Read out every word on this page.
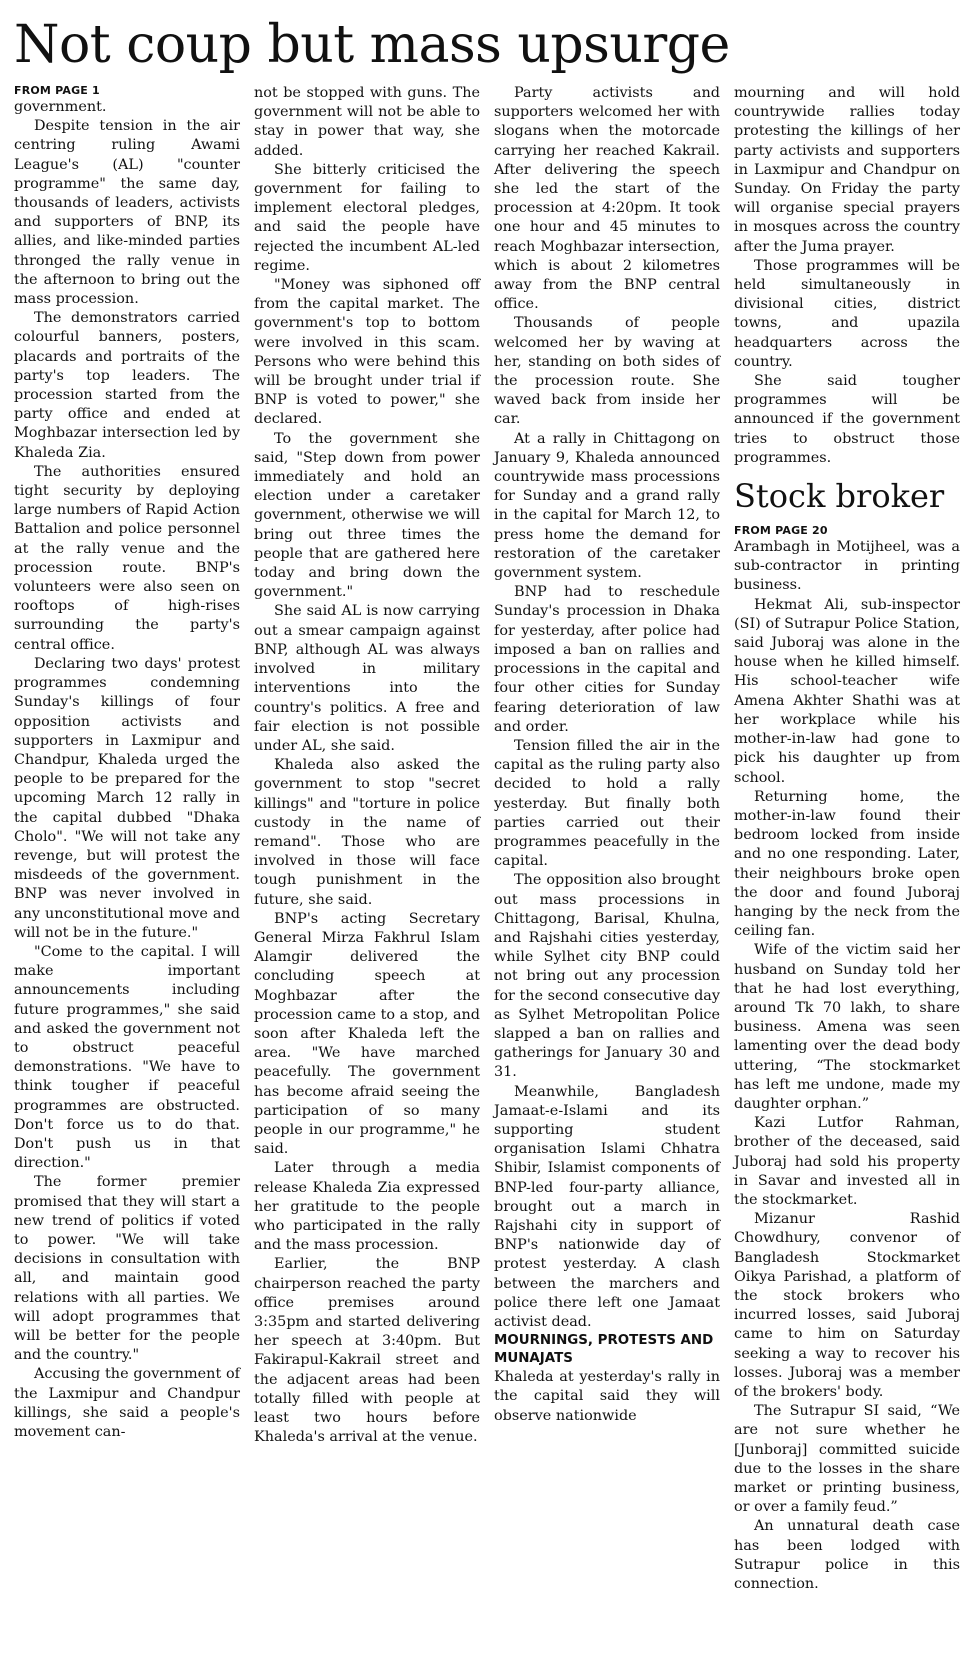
Not coup but mass upsurge
FROM PAGE 1

government.

Despite tension in the air centring ruling Awami League's (AL) "counter programme" the same day, thousands of leaders, activists and supporters of BNP, its allies, and like-minded parties thronged the rally venue in the afternoon to bring out the mass procession.

The demonstrators carried colourful banners, posters, placards and portraits of the party's top leaders. The procession started from the party office and ended at Moghbazar intersection led by Khaleda Zia.

The authorities ensured tight security by deploying large numbers of Rapid Action Battalion and police personnel at the rally venue and the procession route. BNP's volunteers were also seen on rooftops of high-rises surrounding the party's central office.

Declaring two days' protest programmes condemning Sunday's killings of four opposition activists and supporters in Laxmipur and Chandpur, Khaleda urged the people to be prepared for the upcoming March 12 rally in the capital dubbed "Dhaka Cholo". "We will not take any revenge, but will protest the misdeeds of the government. BNP was never involved in any unconstitutional move and will not be in the future."

"Come to the capital. I will make important announcements including future programmes," she said and asked the government not to obstruct peaceful demonstrations. "We have to think tougher if peaceful programmes are obstructed. Don't force us to do that. Don't push us in that direction."

The former premier promised that they will start a new trend of politics if voted to power. "We will take decisions in consultation with all, and maintain good relations with all parties. We will adopt programmes that will be better for the people and the country."

Accusing the government of the Laxmipur and Chandpur killings, she said a people's movement can-

not be stopped with guns. The government will not be able to stay in power that way, she added.

She bitterly criticised the government for failing to implement electoral pledges, and said the people have rejected the incumbent AL-led regime.

"Money was siphoned off from the capital market. The government's top to bottom were involved in this scam. Persons who were behind this will be brought under trial if BNP is voted to power," she declared.

To the government she said, "Step down from power immediately and hold an election under a caretaker government, otherwise we will bring out three times the people that are gathered here today and bring down the government."

She said AL is now carrying out a smear campaign against BNP, although AL was always involved in military interventions into the country's politics. A free and fair election is not possible under AL, she said.

Khaleda also asked the government to stop "secret killings" and "torture in police custody in the name of remand". Those who are involved in those will face tough punishment in the future, she said.

BNP's acting Secretary General Mirza Fakhrul Islam Alamgir delivered the concluding speech at Moghbazar after the procession came to a stop, and soon after Khaleda left the area. "We have marched peacefully. The government has become afraid seeing the participation of so many people in our programme," he said.

Later through a media release Khaleda Zia expressed her gratitude to the people who participated in the rally and the mass procession.

Earlier, the BNP chairperson reached the party office premises around 3:35pm and started delivering her speech at 3:40pm. But Fakirapul-Kakrail street and the adjacent areas had been totally filled with people at least two hours before Khaleda's arrival at the venue.

Party activists and supporters welcomed her with slogans when the motorcade carrying her reached Kakrail. After delivering the speech she led the start of the procession at 4:20pm. It took one hour and 45 minutes to reach Moghbazar intersection, which is about 2 kilometres away from the BNP central office.

Thousands of people welcomed her by waving at her, standing on both sides of the procession route. She waved back from inside her car.

At a rally in Chittagong on January 9, Khaleda announced countrywide mass processions for Sunday and a grand rally in the capital for March 12, to press home the demand for restoration of the caretaker government system.

BNP had to reschedule Sunday's procession in Dhaka for yesterday, after police had imposed a ban on rallies and processions in the capital and four other cities for Sunday fearing deterioration of law and order.

Tension filled the air in the capital as the ruling party also decided to hold a rally yesterday. But finally both parties carried out their programmes peacefully in the capital.

The opposition also brought out mass processions in Chittagong, Barisal, Khulna, and Rajshahi cities yesterday, while Sylhet city BNP could not bring out any procession for the second consecutive day as Sylhet Metropolitan Police slapped a ban on rallies and gatherings for January 30 and 31.

Meanwhile, Bangladesh Jamaat-e-Islami and its supporting student organisation Islami Chhatra Shibir, Islamist components of BNP-led four-party alliance, brought out a march in Rajshahi city in support of BNP's nationwide day of protest yesterday. A clash between the marchers and police there left one Jamaat activist dead.

MOURNINGS, PROTESTS AND MUNAJATS

Khaleda at yesterday's rally in the capital said they will observe nationwide

mourning and will hold countrywide rallies today protesting the killings of her party activists and supporters in Laxmipur and Chandpur on Sunday. On Friday the party will organise special prayers in mosques across the country after the Juma prayer.

Those programmes will be held simultaneously in divisional cities, district towns, and upazila headquarters across the country.

She said tougher programmes will be announced if the government tries to obstruct those programmes.

Stock broker
FROM PAGE 20

Arambagh in Motijheel, was a sub-contractor in printing business.

Hekmat Ali, sub-inspector (SI) of Sutrapur Police Station, said Juboraj was alone in the house when he killed himself. His school-teacher wife Amena Akhter Shathi was at her workplace while his mother-in-law had gone to pick his daughter up from school.

Returning home, the mother-in-law found their bedroom locked from inside and no one responding. Later, their neighbours broke open the door and found Juboraj hanging by the neck from the ceiling fan.

Wife of the victim said her husband on Sunday told her that he had lost everything, around Tk 70 lakh, to share business. Amena was seen lamenting over the dead body uttering, “The stockmarket has left me undone, made my daughter orphan.”

Kazi Lutfor Rahman, brother of the deceased, said Juboraj had sold his property in Savar and invested all in the stockmarket.

Mizanur Rashid Chowdhury, convenor of Bangladesh Stockmarket Oikya Parishad, a platform of the stock brokers who incurred losses, said Juboraj came to him on Saturday seeking a way to recover his losses. Juboraj was a member of the brokers' body.

The Sutrapur SI said, “We are not sure whether he [Junboraj] committed suicide due to the losses in the share market or printing business, or over a family feud.”

An unnatural death case has been lodged with Sutrapur police in this connection.
